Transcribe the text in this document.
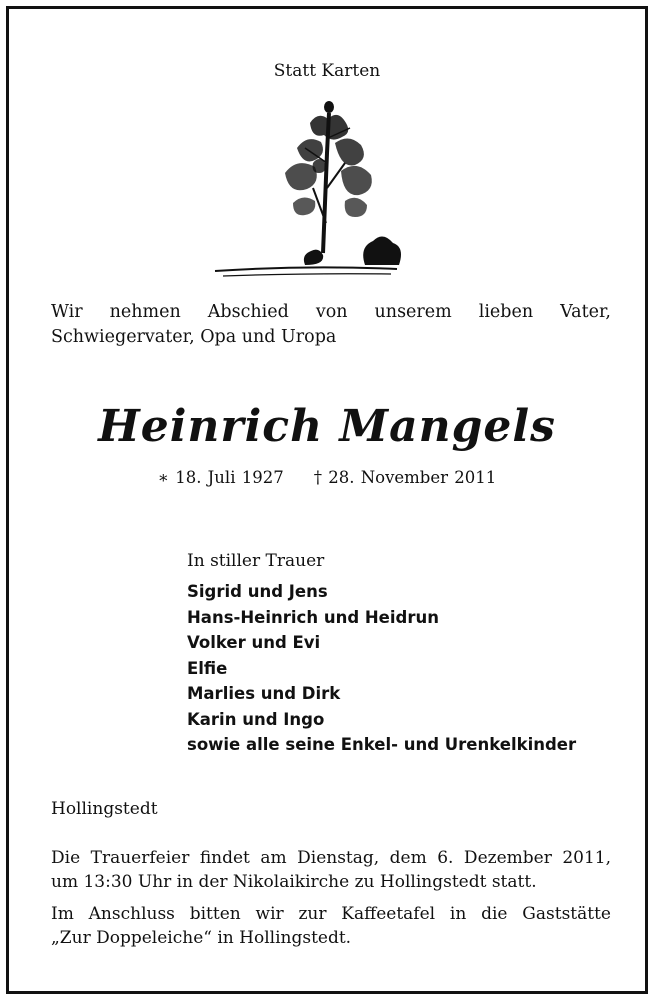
Statt Karten
Wir nehmen Abschied von unserem lieben Vater,
Schwiegervater, Opa und Uropa
Heinrich Mangels
∗ 18. Juli 1927 † 28. November 2011
In stiller Trauer
Sigrid und Jens
Hans-Heinrich und Heidrun
Volker und Evi
Elfie
Marlies und Dirk
Karin und Ingo
sowie alle seine Enkel- und Urenkelkinder
Hollingstedt

Die Trauerfeier findet am Dienstag, dem 6. Dezember 2011,
um 13:30 Uhr in der Nikolaikirche zu Hollingstedt statt.

Im Anschluss bitten wir zur Kaffeetafel in die Gaststätte
„Zur Doppeleiche“ in Hollingstedt.
